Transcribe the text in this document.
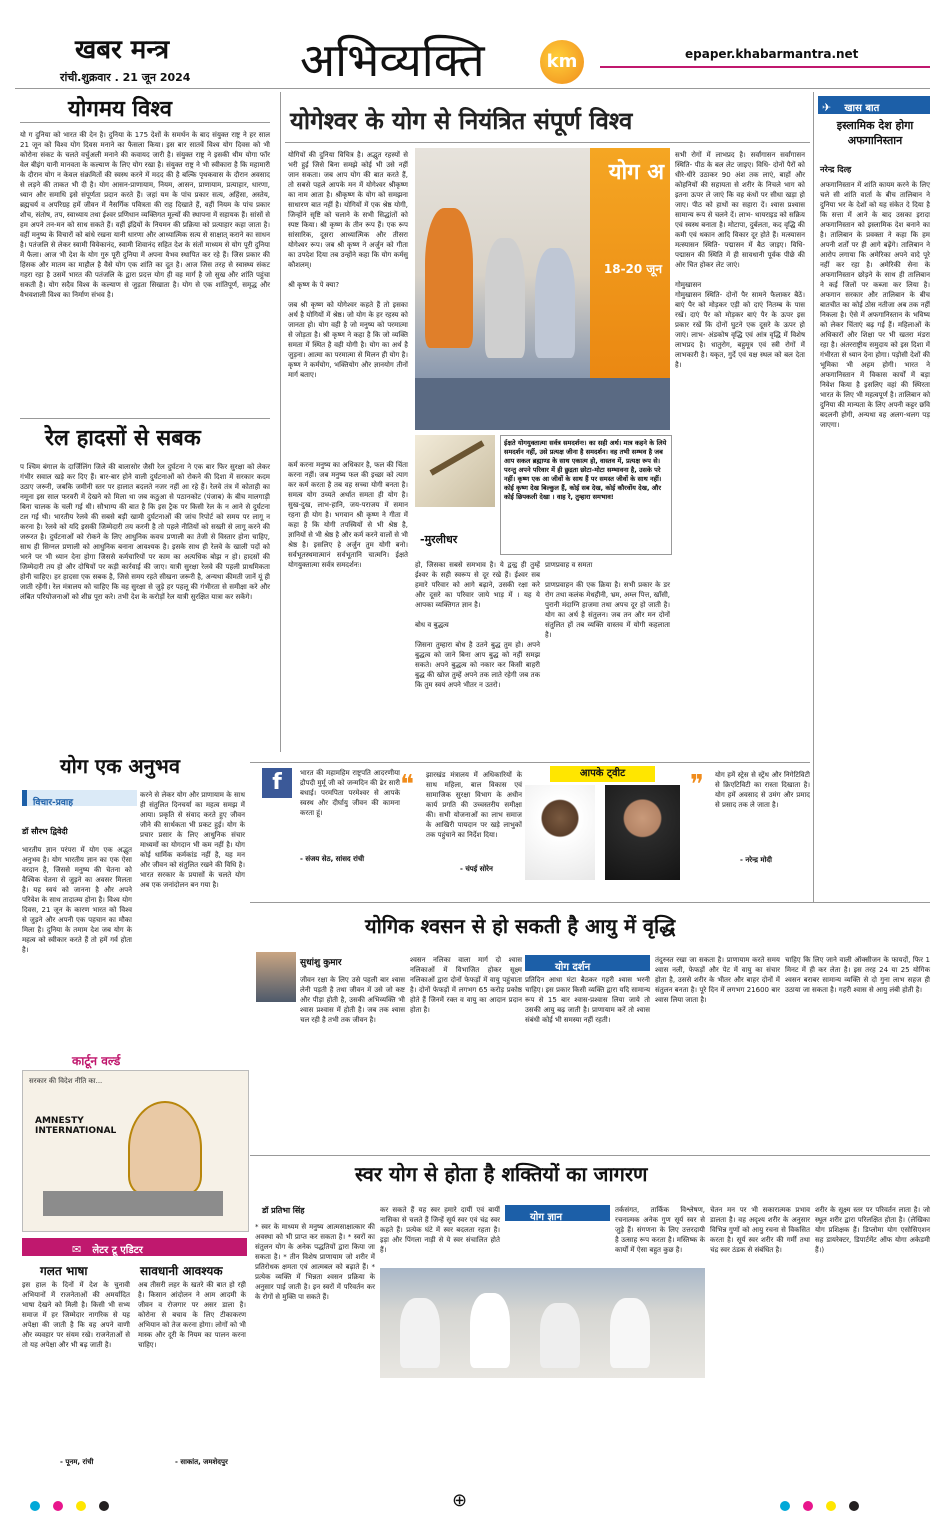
खबर मन्त्र
रांची.शुक्रवार . 21 जून 2024 अभिव्यक्ति	km	epaper.khabarmantra.net
योगमय विश्व
यो ग दुनिया को भारत की देन है। दुनिया के 175 देशों के समर्थन के बाद संयुक्त राष्ट्र ने हर साल 21 जून को विश्व योग दिवस मनाने का फैसला किया। इस बार सातवें विश्व योग दिवस को भी कोरोना संकट के चलते वर्चुअली मनाने की कवायद जारी है। संयुक्त राष्ट्र ने इसकी थीम योगा फॉर वेल बीइंग यानी मानवता के कल्याण के लिए योग रखा है। संयुक्त राष्ट्र ने भी स्वीकारा है कि महामारी के दौरान योग न केवल संक्रमितों की स्वस्थ करने में मदद की है बल्कि पृथकवास के दौरान अवसाद से लड़ने की ताकत भी दी है। योग आसन-प्राणायाम, नियम, आसन, प्राणायाम, प्रत्याहार, धारणा, ध्यान और समाधि इसे संपूर्णता प्रदान करते हैं। जहां यम के पांच प्रकार सत्य, अहिंसा, अस्तेय, ब्रह्मचर्य व अपरिग्रह हमें जीवन में नैसर्गिक पवित्रता की राह दिखाते हैं, वहीं नियम के पांच प्रकार शौच, संतोष, तप, स्वाध्याय तथा ईश्वर प्रणिधान व्यक्तिगत मूल्यों की स्थापना में सहायक हैं। सांसों से हम अपने तन-मन को साध सकते हैं। वहीं इंद्रियों के नियमन की प्रक्रिया को प्रत्याहार कहा जाता है। वहीं मनुष्य के विचारों को बांधे रखना यानी धारणा और आध्यात्मिक सत्य से साक्षात् कराने का साधन है। पतंजलि से लेकर स्वामी विवेकानंद, स्वामी शिवानंद सहित देश के संतों माध्यम से योग पूरी दुनिया में फैला। आज भी देश के योग गुरु पूरी दुनिया में अपना वैभव स्थापित कर रहे हैं। जिस प्रकार की हिंसक और मातम का माहौल है वैसे योग एक शांति का दूत है। आज जिस तरह से स्वास्थ्य संकट गहरा रहा है उसमें भारत की पतंजलि के द्वारा प्रदत्त योग ही वह मार्ग है जो सुख और शांति पहुंचा सकती है। योग सदैव विश्व के कल्याण से जुड़ता सिखाता है। योग से एक शांतिपूर्ण, समृद्ध और वैभवशाली विश्व का निर्माण संभव है।
रेल हादसों से सबक
प श्चिम बंगाल के दार्जिलिंग जिले की बालासोर जैसी रेल दुर्घटना ने एक बार फिर सुरक्षा को लेकर गंभीर सवाल खड़े कर दिए हैं। बार-बार होने वाली दुर्घटनाओं को रोकने की दिशा में सरकार कदम उठाए जरूरी, जबकि जमीनी स्तर पर हालात बदलते नजर नहीं आ रहे हैं। रेलवे तंत्र में कोताही का नमूना इस साल फरवरी में देखने को मिला था जब कठुआ से पठानकोट (पंजाब) के बीच मालगाड़ी बिना चालक के चली गई थी। सौभाग्य की बात है कि इस ट्रैक पर किसी रेल के न आने से दुर्घटना टल गई थी। भारतीय रेलवे की सबसे बड़ी खामी दुर्घटनाओं की जांच रिपोर्ट को समय पर लागू न करना है। रेलवे को यदि इसकी जिम्मेदारी तय करनी है तो पहले नीतियों को सख्ती से लागू करने की जरूरत है। दुर्घटनाओं को रोकने के लिए आधुनिक कवच प्रणाली का तेजी से विस्तार होना चाहिए, साथ ही सिग्नल प्रणाली को आधुनिक बनाना आवश्यक है। इसके साथ ही रेलवे के खाली पदों को भरने पर भी ध्यान देना होगा जिससे कर्मचारियों पर काम का अत्यधिक बोझ न हो। हादसों की जिम्मेदारी तय हो और दोषियों पर कड़ी कार्रवाई की जाए। यात्री सुरक्षा रेलवे की पहली प्राथमिकता होनी चाहिए। हर हादसा एक सबक है, जिसे समय रहते सीखना जरूरी है, अन्यथा कीमती जानें यूं ही जाती रहेंगी। रेल मंत्रालय को चाहिए कि वह सुरक्षा से जुड़े हर पहलू की गंभीरता से समीक्षा करे और लंबित परियोजनाओं को शीघ्र पूरा करे। तभी देश के करोड़ों रेल यात्री सुरक्षित यात्रा कर सकेंगे।
योगेश्वर के योग से नियंत्रित संपूर्ण विश्व
योगियों की दुनिया विचित्र है। अद्भुत रहस्यों से भरी हुई जिसे बिना समझे कोई भी उसे नहीं जान सकता। जब आप योग की बात करते हैं, तो सबसे पहले आपके मन में योगेश्वर श्रीकृष्ण का नाम आता है। श्रीकृष्ण के योग को समझना साधारण बात नहीं है। योगियों में एक श्रेष्ठ योगी, जिन्होंने सृष्टि को चलाने के सभी सिद्धांतों को स्पष्ट किया। श्री कृष्ण के तीन रूप हैं। एक रूप सांसारिक, दूसरा आध्यात्मिक और तीसरा योगेश्वर रूप। जब श्री कृष्ण ने अर्जुन को गीता का उपदेश दिया तब उन्होंने कहा कि योग कर्मसु कौशलम्।

श्री कृष्ण के पे क्या?

जब श्री कृष्ण को योगेश्वर कहते हैं तो इसका अर्थ है योगियों में श्रेष्ठ। जो योग के हर रहस्य को जानता हो। योग वही है जो मनुष्य को परमात्मा से जोड़ता है। श्री कृष्ण ने कहा है कि जो व्यक्ति समता में स्थित है वही योगी है। योग का अर्थ है जुड़ना। आत्मा का परमात्मा से मिलन ही योग है। कृष्ण ने कर्मयोग, भक्तियोग और ज्ञानयोग तीनों मार्ग बताए।
योग अ
18-20 जून
सभी रोगों में लाभप्रद है। सर्वांगासन सर्वांगासन स्थिति- पीठ के बल लेट जाइए। विधि- दोनों पैरों को धीरे-धीरे उठाकर 90 अंश तक लाएं, बाहों और कोहनियों की सहायता से शरीर के निचले भाग को इतना ऊपर ले जाएं कि वह कंधों पर सीधा खड़ा हो जाए। पीठ को हाथों का सहारा दें। श्वास प्रश्वास सामान्य रूप से चलने दें। लाभ- थायराइड को सक्रिय एवं स्वस्थ बनाता है। मोटापा, दुर्बलता, कद वृद्धि की कमी एवं थकान आदि विकार दूर होते हैं। मत्स्यासन मत्स्यासन स्थिति- पद्मासन में बैठ जाइए। विधि- पद्मासन की स्थिति में ही सावधानी पूर्वक पीछे की ओर चित होकर लेट जाएं।

गोमुखासन
गोमुखासन स्थिति- दोनों पैर सामने फैलाकर बैठें। बाएं पैर को मोड़कर एड़ी को दाएं नितम्ब के पास रखें। दाएं पैर को मोड़कर बाएं पैर के ऊपर इस प्रकार रखें कि दोनों घुटने एक दूसरे के ऊपर हो जाएं। लाभ- अंडकोष वृद्धि एवं आंत्र वृद्धि में विशेष लाभप्रद है। धातुरोग, बहुमूत्र एवं स्त्री रोगों में लाभकारी है। यकृत, गुर्दे एवं वक्ष स्थल को बल देता है।
-मुरलीधर
ईक्षते योगयुक्तात्मा सर्वत्र समदर्शनः। का सही अर्थ। मात्र कहने के लिये समदर्शन नहीं, उसे प्रत्यक्ष जीना है समदर्शन। वह तभी सम्भव है जब आप सकल ब्रह्माण्ड के साथ एकात्म हो, वास्तव में, प्रत्यक्ष रूप से। परन्तु अपने परिवार में ही छुद्रता छोटा-मोटा सम्भावना है, उसके परे नहीं। कृष्ण एक आ जीवों के साथ हैं पर समस्त जीवों के साथ नहीं। कोई कृष्ण देख बिल्कुल हैं, कोई सब देख, कोई कौरवोंय देख, और कोई छिपकली देखा । वाह रे, तुम्हारा समभाव!
कर्म करना मनुष्य का अधिकार है, फल की चिंता करना नहीं। जब मनुष्य फल की इच्छा को त्याग कर कर्म करता है तब वह सच्चा योगी बनता है। समत्व योग उच्यते अर्थात समता ही योग है। सुख-दुख, लाभ-हानि, जय-पराजय में समान रहना ही योग है। भगवान श्री कृष्ण ने गीता में कहा है कि योगी तपस्वियों से भी श्रेष्ठ है, ज्ञानियों से भी श्रेष्ठ है और कर्म करने वालों से भी श्रेष्ठ है। इसलिए हे अर्जुन तुम योगी बनो। सर्वभूतस्थमात्मानं सर्वभूतानि चात्मनि। ईक्षते योगयुक्तात्मा सर्वत्र समदर्शनः।	हो, जिसका सबसे समभाव है। ये द्वन्द्व ही तुम्हें ईश्वर के सही स्वरूप से दूर रखे हैं। ईश्वर सब हमारे परिवार को आगे बढ़ाने, उसकी रक्षा करे और दूसरे का परिवार जाये भाड़ में । यह ये आपका व्यक्तिगत ज्ञान है।

बोध व बुद्धत्व

जिसना तुम्हारा बोध है उतने बुद्ध तुम हो। अपने बुद्धत्व को जाने बिना आप बुद्ध को नहीं समझ सकते। अपने बुद्धत्व को नकार कर किसी बाहरी बुद्ध की खोज तुम्हें अपने तक लाते रहेगी जब तक कि तुम स्वयं अपने भीतर न उतरो।
प्राणप्रवाह व समता

प्राणप्रवाहन की एक क्रिया है। सभी प्रकार के डर रोग तथा कलंक मेधहीनी, भ्रम, अम्ल पित्त, खाँसी, पुरानी मंदाग्नि हाजमा तथा अपच दूर हो जाती है। योग का अर्थ है संतुलन। जब तन और मन दोनों संतुलित हों तब व्यक्ति वास्तव में योगी कहलाता है।
✈ खास बात
इस्लामिक देश होगा अफगानिस्तान
नरेन्द्र दिल्ह
अफगानिस्तान में शांति कायम करने के लिए चले सी शांति वार्ता के बीच तालिबान ने दुनिया भर के देशों को यह संकेत दे दिया है कि सत्ता में आने के बाद उसका इरादा अफगानिस्तान को इस्लामिक देश बनाने का है। तालिबान के प्रवक्ता ने कहा कि हम अपनी शर्तों पर ही आगे बढ़ेंगे। तालिबान ने आरोप लगाया कि अमेरिका अपने वादे पूरे नहीं कर रहा है। अमेरिकी सेना के अफगानिस्तान छोड़ने के साथ ही तालिबान ने कई जिलों पर कब्जा कर लिया है। अफगान सरकार और तालिबान के बीच बातचीत का कोई ठोस नतीजा अब तक नहीं निकला है। ऐसे में अफगानिस्तान के भविष्य को लेकर चिंताएं बढ़ गई हैं। महिलाओं के अधिकारों और शिक्षा पर भी खतरा मंडरा रहा है। अंतरराष्ट्रीय समुदाय को इस दिशा में गंभीरता से ध्यान देना होगा। पड़ोसी देशों की भूमिका भी अहम होगी। भारत ने अफगानिस्तान में विकास कार्यों में बड़ा निवेश किया है इसलिए वहां की स्थिरता भारत के लिए भी महत्वपूर्ण है। तालिबान को दुनिया की मान्यता के लिए अपनी कट्टर छवि बदलनी होगी, अन्यथा वह अलग-थलग पड़ जाएगा।
f	भारत की महामहिम राष्ट्रपति आदरणीया द्रौपदी मुर्मू जी को जन्मदिन की ढेर सारी बधाई। परमपिता परमेश्वर से आपके स्वस्थ और दीर्घायु जीवन की कामना करता हूं।
- संजय सेठ, सांसद रांची
❝ झारखंड मंत्रालय में अधिकारियों के साथ महिला, बाल विकास एवं सामाजिक सुरक्षा विभाग के अधीन कार्य प्रगति की उच्चस्तरीय समीक्षा की। सभी योजनाओं का लाभ समाज के आखिरी पायदान पर खड़े लाभुकों तक पहुंचाने का निर्देश दिया।
- चंपई सोरेन
आपके ट्वीट	❞ योग हमें स्ट्रेस से स्ट्रेंथ और निगेटिविटी से क्रिएटिविटी का रास्ता दिखाता है। योग हमें अवसाद से उमंग और प्रमाद से प्रसाद तक ले जाता है।
- नरेन्द्र मोदी
योग एक अनुभव
विचार-प्रवाह
डॉ सौरभ द्विवेदी
भारतीय ज्ञान परंपरा में योग एक अद्भुत अनुभव है। योग भारतीय ज्ञान का एक ऐसा वरदान है, जिससे मनुष्य की चेतना को वैश्विक चेतना से जुड़ने का अवसर मिलता है। यह स्वयं को जानना है और अपने परिवेश के साथ तादात्म्य होना है। विश्व योग दिवस, 21 जून के कारण भारत को विश्व से जुड़ने और अपनी एक पहचान का मौका मिला है। दुनिया के तमाम देश जब योग के महत्व को स्वीकार करते हैं तो हमें गर्व होता है।
करने से लेकर योग और प्राणायाम के साथ ही संतुलित दिनचर्या का महत्व समझ में आया। प्रकृति से संवाद करते हुए जीवन जीने की सार्थकता भी प्रकट हुई। योग के प्रचार प्रसार के लिए आधुनिक संचार माध्यमों का योगदान भी कम नहीं है। योग कोई धार्मिक कर्मकांड नहीं है, यह मन और जीवन को संतुलित रखने की विधि है। भारत सरकार के प्रयासों के चलते योग अब एक जनांदोलन बन गया है।
कार्टून वर्ल्ड
सरकार की विदेश नीति का...
AMNESTY INTERNATIONAL
✉ लेटर टू एडिटर
गलत भाषा
इस हाल के दिनों में देश के चुनावी अभियानों में राजनेताओं की अमर्यादित भाषा देखने को मिली है। किसी भी सभ्य समाज में हर जिम्मेदार नागरिक से यह अपेक्षा की जाती है कि वह अपने वाणी और व्यवहार पर संयम रखे। राजनेताओं से तो यह अपेक्षा और भी बढ़ जाती है।
- पूनम, रांची
सावधानी आवश्यक
अब तीसरी लहर के खतरे की बात हो रही है। किसान आंदोलन ने आम आदमी के जीवन व रोजगार पर असर डाला है। कोरोना से बचाव के लिए टीकाकरण अभियान को तेज करना होगा। लोगों को भी मास्क और दूरी के नियम का पालन करना चाहिए।
- साकांत, जमशेदपुर
योगिक श्वसन से हो सकती है आयु में वृद्धि
सुधांशु कुमार
जीवन रक्षा के लिए उसे पहली बार श्वास लेनी पड़ती है तथा जीवन में उसे जो कष्ट और पीड़ा होती है, उसकी अभिव्यक्ति भी श्वास प्रश्वास में होती है। जब तक श्वास चल रही है तभी तक जीवन है।
श्वसन नलिका वाला मार्ग दो श्वास नलिकाओं में विभाजित होकर सूक्ष्म नलिकाओं द्वारा दोनों फेफड़ों में वायु पहुंचाता है। दोनों फेफड़ों में लगभग 65 करोड़ प्रकोष्ठ होते हैं जिनमें रक्त व वायु का आदान प्रदान होता है।
योग दर्शन
प्रतिदिन आधा घंटा बैठकर गहरी श्वास भरनी चाहिए। इस प्रकार किसी व्यक्ति द्वारा यदि सामान्य रूप से 15 बार श्वास-प्रश्वास लिया जाये तो उसकी आयु बढ़ जाती है। प्राणायाम करें तो श्वास संबंधी कोई भी समस्या नहीं रहती।
तंदुरुस्त रखा जा सकता है। प्राणायाम करते समय श्वास नली, फेफड़ों और पेट में वायु का संचार होता है, उससे शरीर के भीतर और बाहर दोनों में संतुलन बनता है। पूरे दिन में लगभग 21600 बार श्वास लिया जाता है।
चाहिए कि लिए जाने वाली ऑक्सीजन के फायदों, फिर 1 मिनट में ही कर लेता है। इस तरह 24 या 25 योगिक श्वसन बराबर सामान्य व्यक्ति से दो गुना लाभ सहज ही उठाया जा सकता है। गहरी श्वास से आयु लंबी होती है।
स्वर योग से होता है शक्तियों का जागरण
डॉ प्रतिभा सिंह
* स्वर के माध्यम से मनुष्य आत्मसाक्षात्कार की अवस्था को भी प्राप्त कर सकता है। * स्वरों का संतुलन योग के अनेक पद्धतियों द्वारा किया जा सकता है। * तीन विशेष प्राणायाम जो शरीर में प्रतिरोधक क्षमता एवं आत्मबल को बढ़ाते हैं। * प्रत्येक व्यक्ति में भिन्नता श्वसन प्रक्रिया के अनुसार पाई जाती है। इन स्वरों में परिवर्तन कर के रोगों से मुक्ति पा सकते हैं।
कर सकते हैं यह स्वर हमारे दायीं एवं बायीं नासिका से चलते हैं जिन्हें सूर्य स्वर एवं चंद्र स्वर कहते हैं। प्रत्येक घंटे में स्वर बदलता रहता है। इड़ा और पिंगला नाड़ी से ये स्वर संचालित होते हैं।
योग ज्ञान
तर्कसंगत, तार्किक विश्लेषण, रचनात्मक अनेक गुण सूर्य स्वर से जुड़े हैं। संगणना के लिए उत्तरदायी है उत्साह रूप करता है। मस्तिष्क के कार्यों में ऐसा बहुत कुछ है।
चेतन मन पर भी सकारात्मक प्रभाव डालता है। वह अदृश्य शरीर के अनुसार विभिन्न गुणों को आयु रचना से विकसित करता है। सूर्य स्वर शरीर की गर्मी तथा चंद्र स्वर ठंडक से संबंधित है।
शरीर के सूक्ष्म स्तर पर परिवर्तन लाता है। जो स्थूल शरीर द्वारा परिलक्षित होता है। (लेखिका योग प्रशिक्षक हैं। डिप्लोमा योग एसोसिएशन सह डायरेक्टर, डिपार्टमेंट ऑफ योगा अकेडमी हैं।)

⊕
